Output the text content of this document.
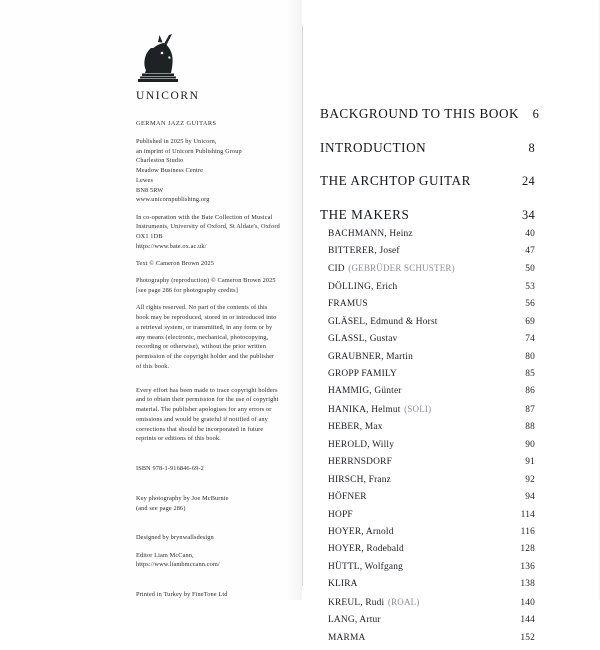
UNICORN

GERMAN JAZZ GUITARS

Published in 2025 by Unicorn,
an imprint of Unicorn Publishing Group
Charleston Studio
Meadow Business Centre
Lewes
BN8 5RW
www.unicornpublishing.org

In co-operation with the Bate Collection of Musical
Instruments, University of Oxford, St Aldate's, Oxford
OX1 1DB
https://www.bate.ox.ac.uk/

Text © Cameron Brown 2025

Photography (reproduction) © Cameron Brown 2025
[see page 286 for photography credits]

All rights reserved. No part of the contents of this
book may be reproduced, stored in or introduced into
a retrieval system, or transmitted, in any form or by
any means (electronic, mechanical, photocopying,
recording or otherwise), without the prior written
permission of the copyright holder and the publisher
of this book.

Every effort has been made to trace copyright holders
and to obtain their permission for the use of copyright
material. The publisher apologises for any errors or
omissions and would be grateful if notified of any
corrections that should be incorporated in future
reprints or editions of this book.

ISBN 978-1-916846-69-2

Key photography by Joe McBurnie
(and see page 286)

Designed by brynwallsdesign

Editor Liam McCann,
https://www.liambmccann.com/

Printed in Turkey by FineTone Ltd

BACKGROUND TO THIS BOOK	6
INTRODUCTION	8
THE ARCHTOP GUITAR	24
THE MAKERS	34
BACHMANN, Heinz	40
BITTERER, Josef	47
CID (GEBRÜDER SCHUSTER)	50
DÖLLING, Erich	53
FRAMUS	56
GLÄSEL, Edmund & Horst	69
GLASSL, Gustav	74
GRAUBNER, Martin	80
GROPP FAMILY	85
HAMMIG, Günter	86
HANIKA, Helmut (SOLI)	87
HEBER, Max	88
HEROLD, Willy	90
HERRNSDORF	91
HIRSCH, Franz	92
HÖFNER	94
HOPF	114
HOYER, Arnold	116
HOYER, Rodebald	128
HÜTTL, Wolfgang	136
KLIRA	138
KREUL, Rudi (ROAL)	140
LANG, Artur	144
MARMA	152
